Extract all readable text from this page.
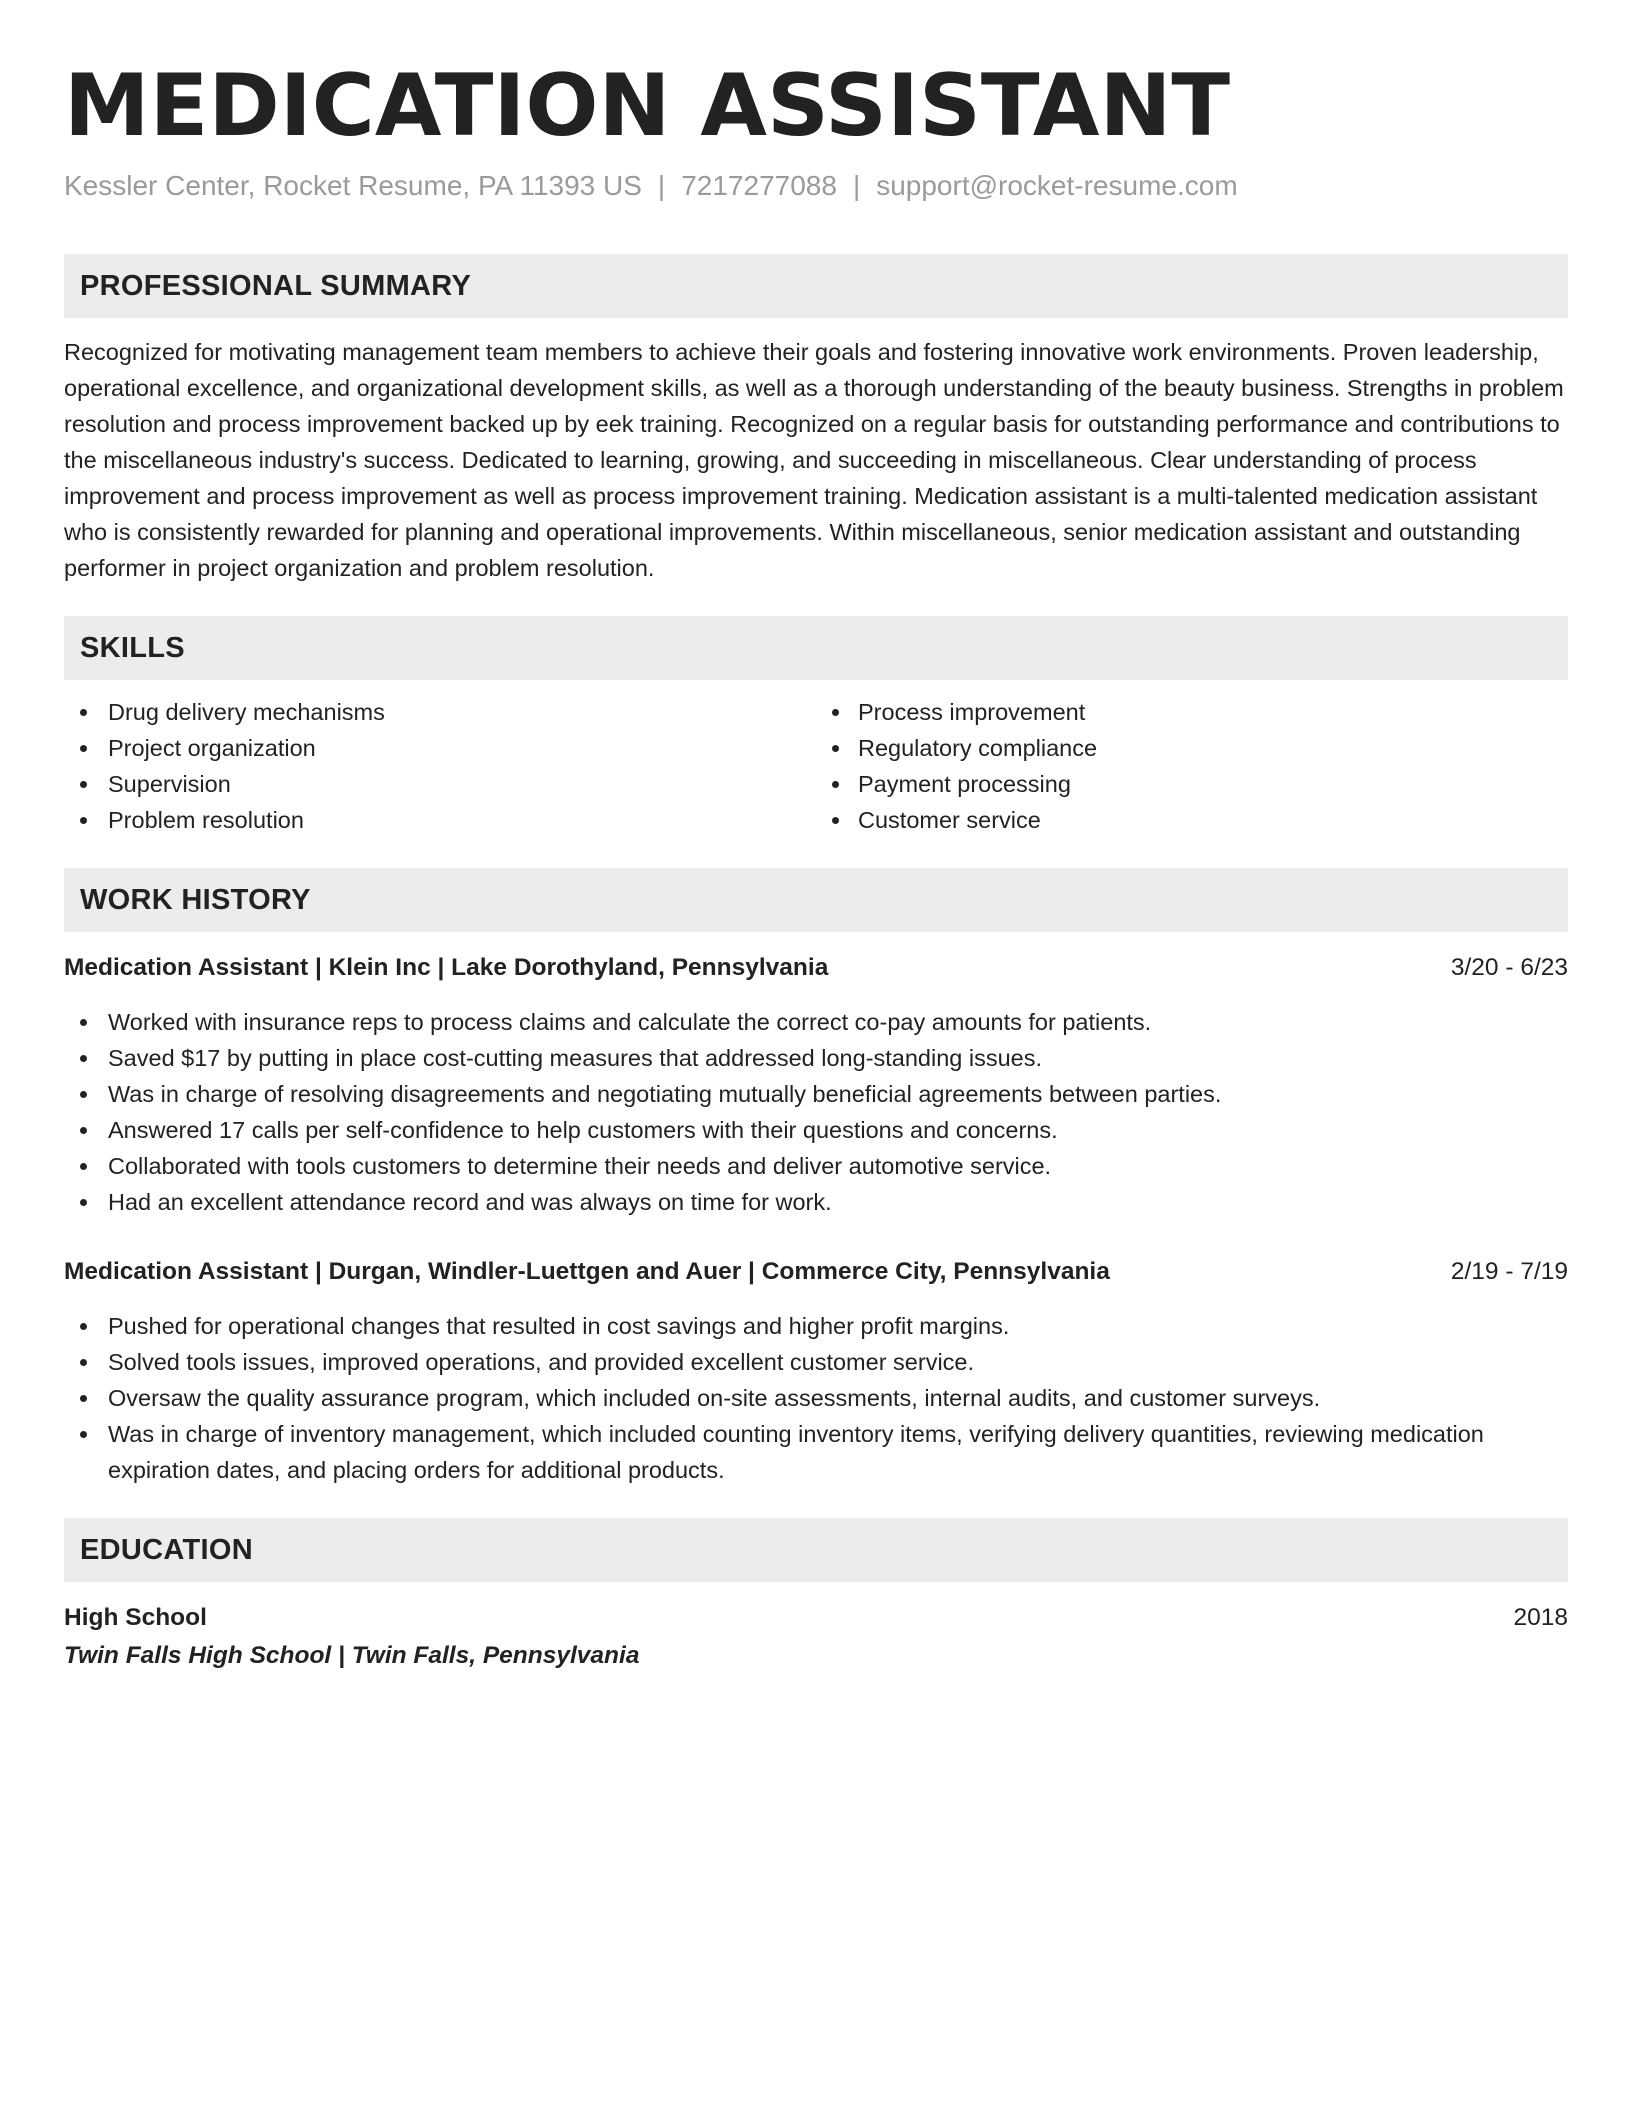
MEDICATION ASSISTANT
Kessler Center, Rocket Resume, PA 11393 US | 7217277088 | support@rocket-resume.com
PROFESSIONAL SUMMARY

Recognized for motivating management team members to achieve their goals and fostering innovative work environments. Proven leadership, operational excellence, and organizational development skills, as well as a thorough understanding of the beauty business. Strengths in problem resolution and process improvement backed up by eek training. Recognized on a regular basis for outstanding performance and contributions to the miscellaneous industry's success. Dedicated to learning, growing, and succeeding in miscellaneous. Clear understanding of process improvement and process improvement as well as process improvement training. Medication assistant is a multi-talented medication assistant who is consistently rewarded for planning and operational improvements. Within miscellaneous, senior medication assistant and outstanding performer in project organization and problem resolution.

SKILLS
Drug delivery mechanisms
Project organization
Supervision
Problem resolution
Process improvement
Regulatory compliance
Payment processing
Customer service
WORK HISTORY
Medication Assistant | Klein Inc | Lake Dorothyland, Pennsylvania	3/20 - 6/23
Worked with insurance reps to process claims and calculate the correct co-pay amounts for patients.
Saved $17 by putting in place cost-cutting measures that addressed long-standing issues.
Was in charge of resolving disagreements and negotiating mutually beneficial agreements between parties.
Answered 17 calls per self-confidence to help customers with their questions and concerns.
Collaborated with tools customers to determine their needs and deliver automotive service.
Had an excellent attendance record and was always on time for work.
Medication Assistant | Durgan, Windler-Luettgen and Auer | Commerce City, Pennsylvania	2/19 - 7/19
Pushed for operational changes that resulted in cost savings and higher profit margins.
Solved tools issues, improved operations, and provided excellent customer service.
Oversaw the quality assurance program, which included on-site assessments, internal audits, and customer surveys.
Was in charge of inventory management, which included counting inventory items, verifying delivery quantities, reviewing medication expiration dates, and placing orders for additional products.
EDUCATION
High School	2018
Twin Falls High School | Twin Falls, Pennsylvania
